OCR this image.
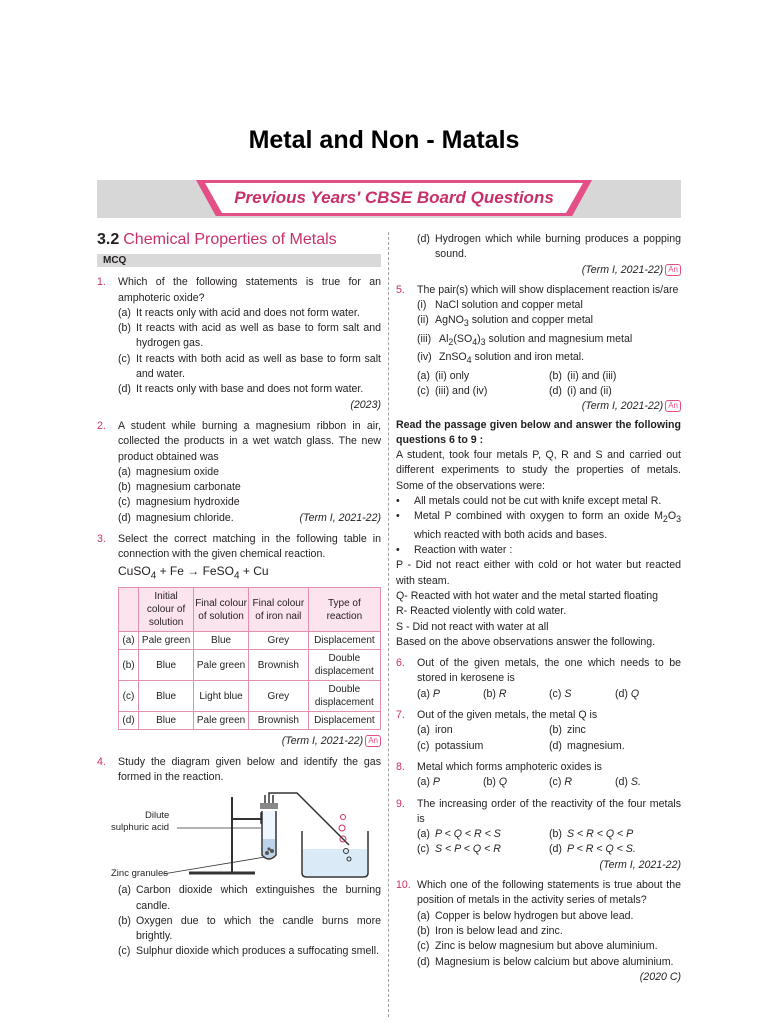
Metal and Non - Matals
Previous Years' CBSE Board Questions
3.2 Chemical Properties of Metals
MCQ
1.	Which of the following statements is true for an amphoteric oxide?
(a) It reacts only with acid and does not form water.
(b) It reacts with acid as well as base to form salt and hydrogen gas.
(c) It reacts with both acid as well as base to form salt and water.
(d) It reacts only with base and does not form water.
(2023)
2.	A student while burning a magnesium ribbon in air, collected the products in a wet watch glass. The new product obtained was
(a) magnesium oxide
(b) magnesium carbonate
(c) magnesium hydroxide
(d) magnesium chloride.	(Term I, 2021-22)
3.	Select the correct matching in the following table in connection with the given chemical reaction.
CuSO$_4$ + Fe → FeSO$_4$ + Cu
	Initial colour of solution	Final colour of solution	Final colour of iron nail	Type of reaction
(a)	Pale green	Blue	Grey	Displacement
(b)	Blue	Pale green	Brownish	Double displacement
(c)	Blue	Light blue	Grey	Double displacement
(d)	Blue	Pale green	Brownish	Displacement
(Term I, 2021-22) An
4.	Study the diagram given below and identify the gas formed in the reaction.
Dilute
sulphuric acid
Zinc granules
(a) Carbon dioxide which extinguishes the burning candle.
(b) Oxygen due to which the candle burns more brightly.
(c) Sulphur dioxide which produces a suffocating smell.
(d) Hydrogen which while burning produces a popping sound.
(Term I, 2021-22) An
5.	The pair(s) which will show displacement reaction is/are
(i) NaCl solution and copper metal
(ii) AgNO$_3$ solution and copper metal
(iii) $Al_2(SO_4)_3$ solution and magnesium metal
(iv) ZnSO$_4$ solution and iron metal.
(a) (ii) only	(b) (ii) and (iii)
(c) (iii) and (iv)	(d) (i) and (ii)
(Term I, 2021-22) An
Read the passage given below and answer the following questions 6 to 9 :
A student, took four metals P, Q, R and S and carried out different experiments to study the properties of metals. Some of the observations were:
•	All metals could not be cut with knife except metal R.
•	Metal P combined with oxygen to form an oxide $M_2O_3$ which reacted with both acids and bases.
•	Reaction with water :
P - Did not react either with cold or hot water but reacted with steam.
Q- Reacted with hot water and the metal started floating
R- Reacted violently with cold water.
S - Did not react with water at all
Based on the above observations answer the following.
6.	Out of the given metals, the one which needs to be stored in kerosene is
(a) P	(b) R	(c) S	(d) Q
7.	Out of the given metals, the metal Q is
(a) iron	(b) zinc
(c) potassium	(d) magnesium.
8.	Metal which forms amphoteric oxides is
(a) P	(b) Q	(c) R	(d) S.
9.	The increasing order of the reactivity of the four metals is
(a) P < Q < R < S	(b) S < R < Q < P
(c) S < P < Q < R	(d) P < R < Q < S.
(Term I, 2021-22)
10. Which one of the following statements is true about the position of metals in the activity series of metals?
(a) Copper is below hydrogen but above lead.
(b) Iron is below lead and zinc.
(c) Zinc is below magnesium but above aluminium.
(d) Magnesium is below calcium but above aluminium.
(2020 C)
